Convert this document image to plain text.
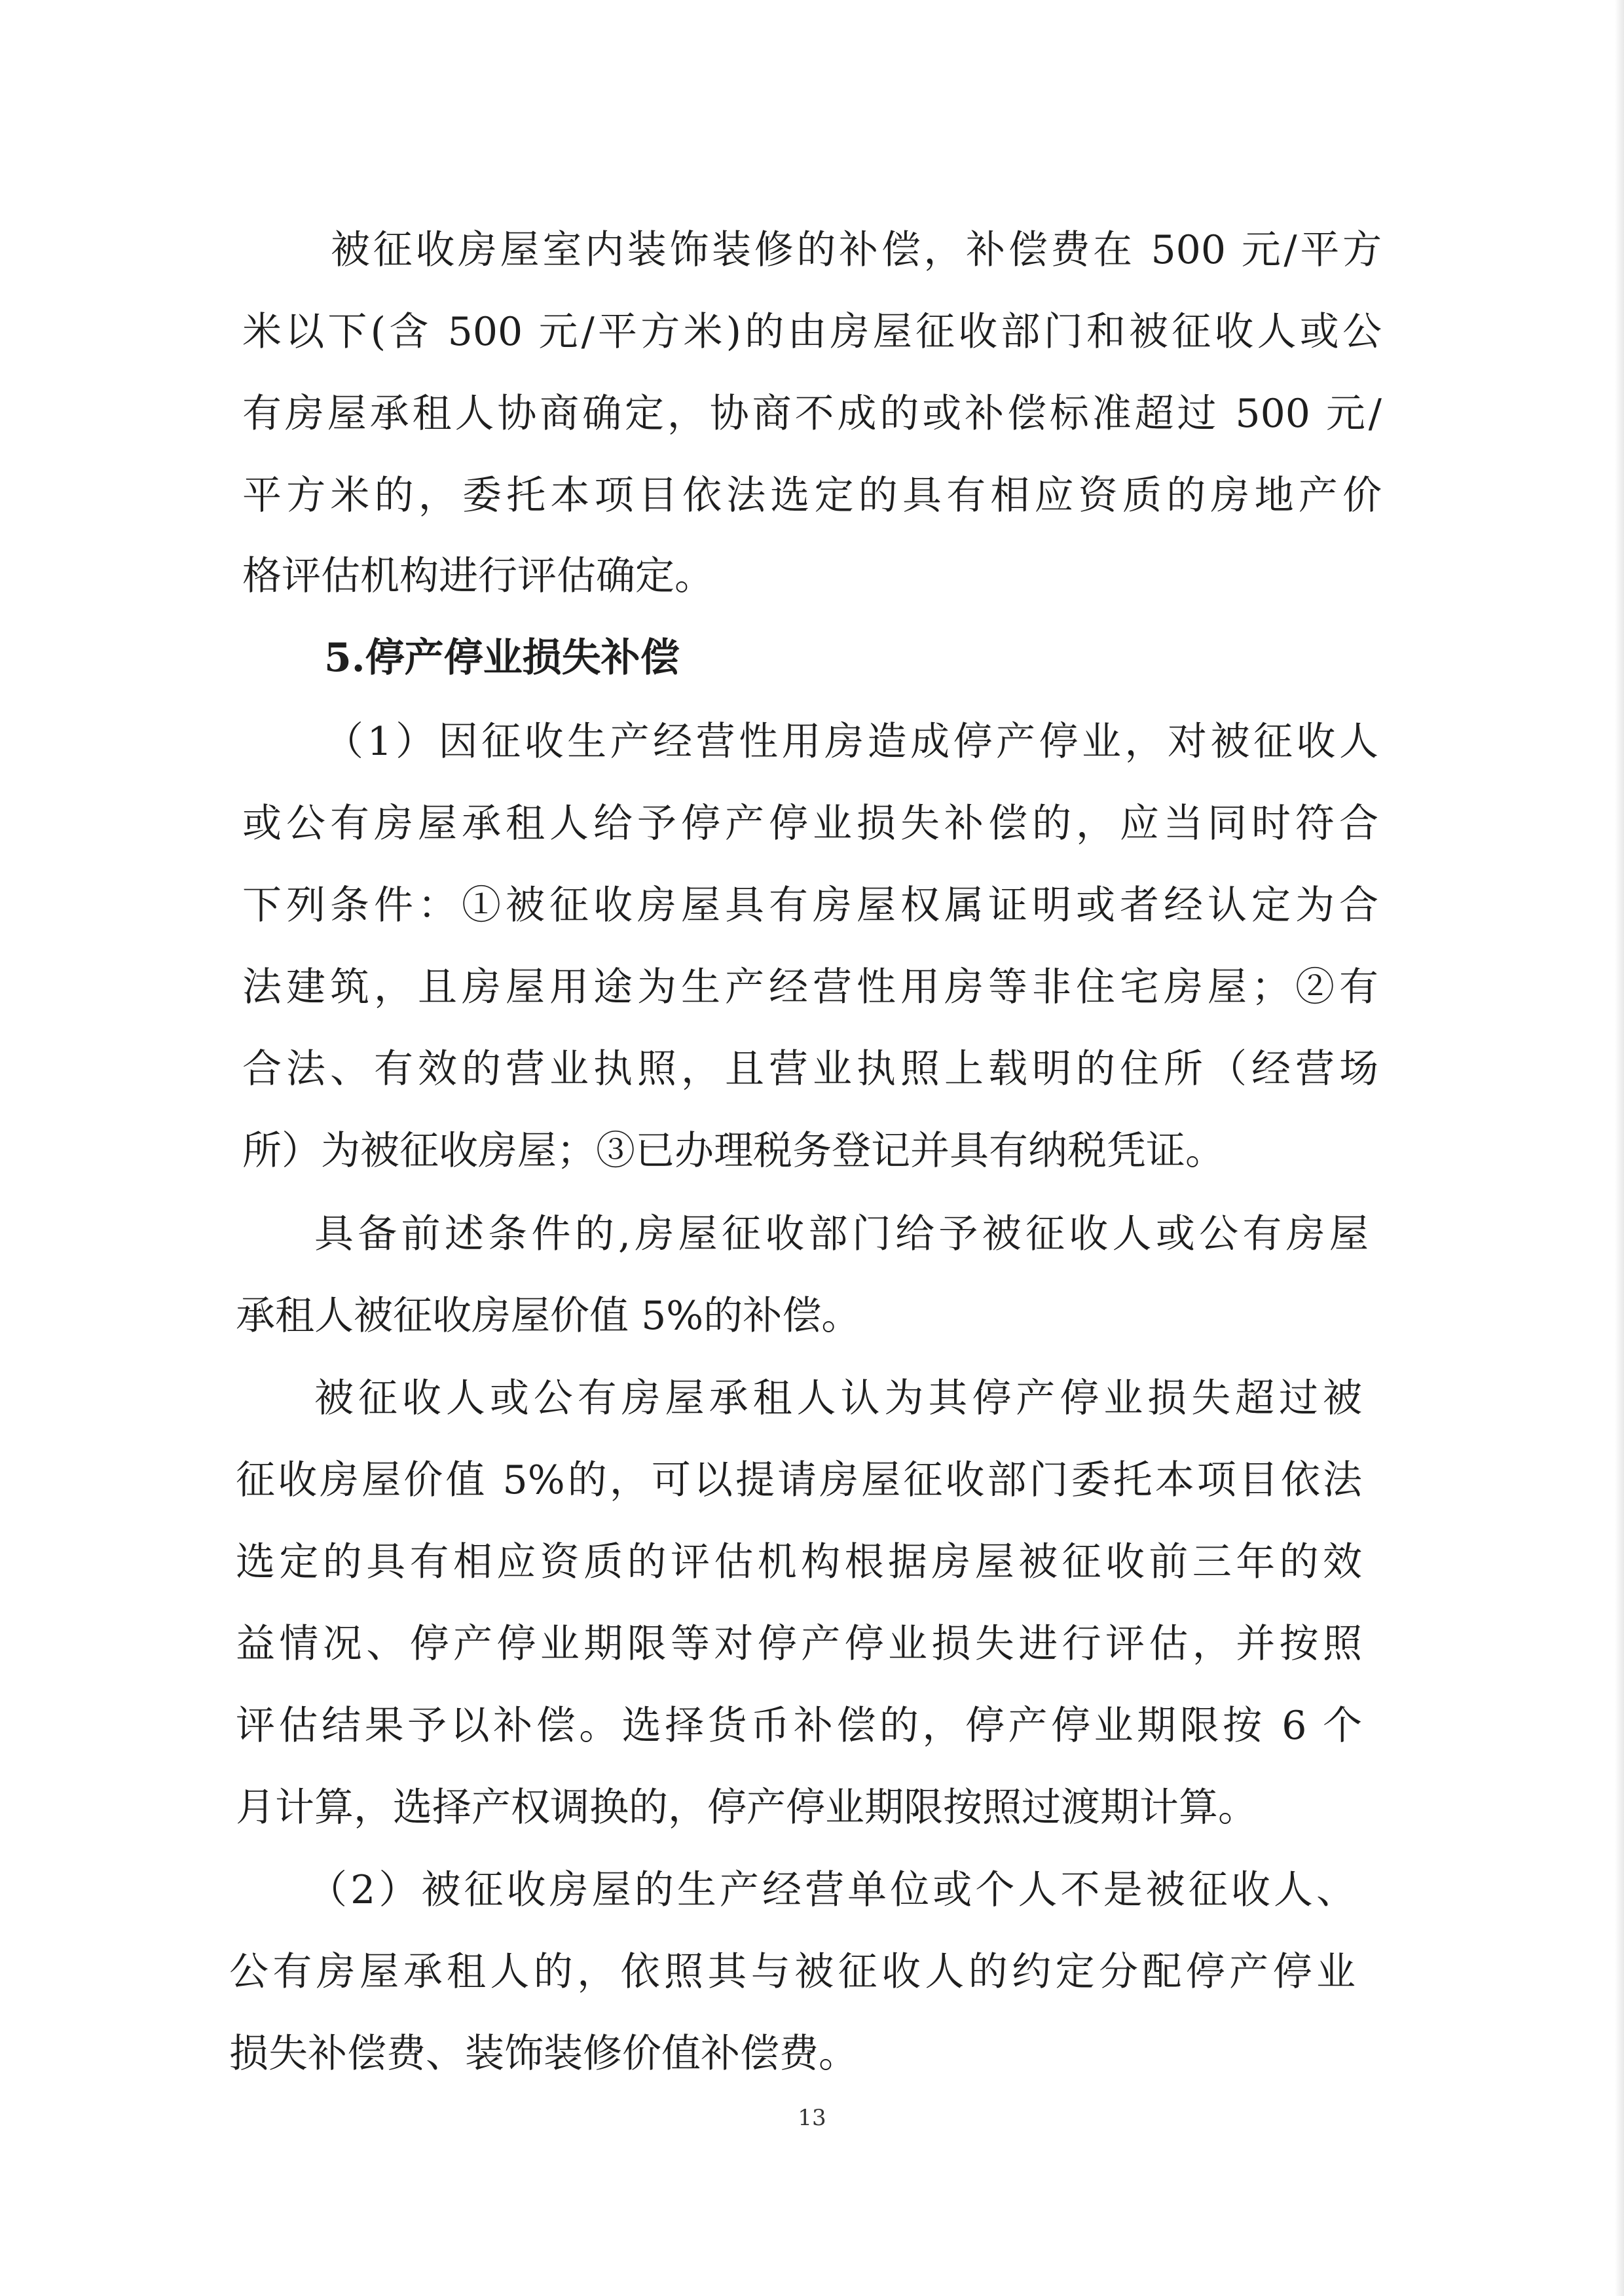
被征收房屋室内装饰装修的补偿，补偿费在 500 元/平方
米以下(含 500 元/平方米)的由房屋征收部门和被征收人或公
有房屋承租人协商确定，协商不成的或补偿标准超过 500 元/
平方米的，委托本项目依法选定的具有相应资质的房地产价
格评估机构进行评估确定。
5.停产停业损失补偿
（1）因征收生产经营性用房造成停产停业，对被征收人
或公有房屋承租人给予停产停业损失补偿的，应当同时符合
下列条件：①被征收房屋具有房屋权属证明或者经认定为合
法建筑，且房屋用途为生产经营性用房等非住宅房屋；②有
合法、有效的营业执照，且营业执照上载明的住所（经营场
所）为被征收房屋；③已办理税务登记并具有纳税凭证。
具备前述条件的,房屋征收部门给予被征收人或公有房屋
承租人被征收房屋价值 5%的补偿。
被征收人或公有房屋承租人认为其停产停业损失超过被
征收房屋价值 5%的，可以提请房屋征收部门委托本项目依法
选定的具有相应资质的评估机构根据房屋被征收前三年的效
益情况、停产停业期限等对停产停业损失进行评估，并按照
评估结果予以补偿。选择货币补偿的，停产停业期限按 6 个
月计算，选择产权调换的，停产停业期限按照过渡期计算。
（2）被征收房屋的生产经营单位或个人不是被征收人、
公有房屋承租人的，依照其与被征收人的约定分配停产停业
损失补偿费、装饰装修价值补偿费。
13
